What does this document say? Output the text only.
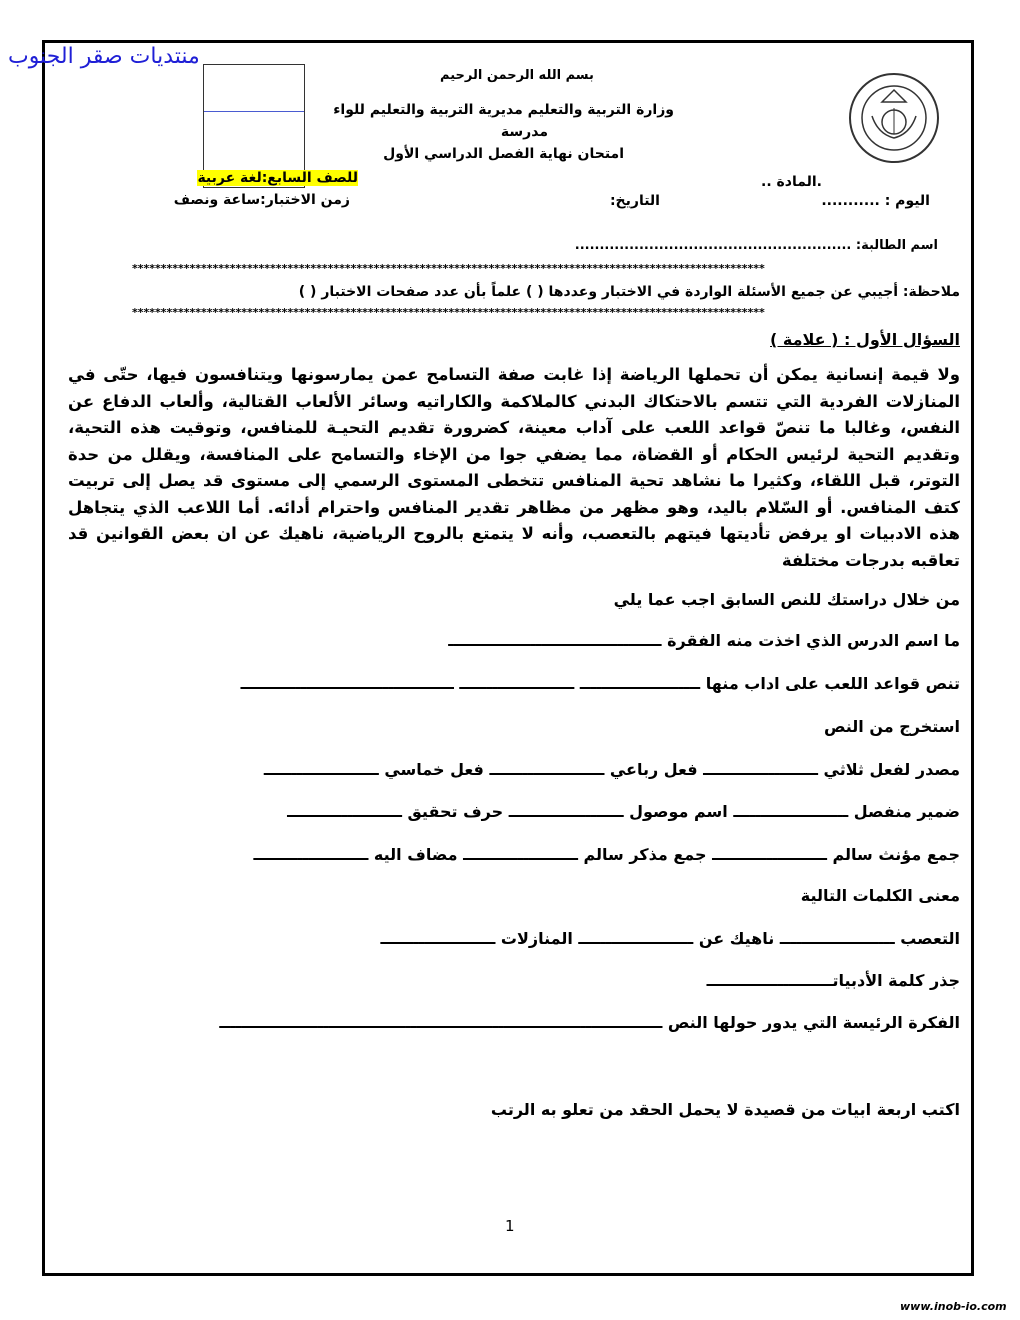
منتديات صقر الجنوب
بسم الله الرحمن الرحيم
وزارة التربية والتعليم مديرية التربية والتعليم للواء
مدرسة
امتحان نهاية الفصل الدراسي الأول
للصف السابع:لغة عربية	.المادة ..
زمن الاختبار:ساعة ونصف	التاريخ:	اليوم : ...........
اسم الطالبة: ........................................................
**************************************************************************************************************
ملاحظة: أجيبي عن جميع الأسئلة الواردة في الاختبار وعددها ( ) علماً بأن عدد صفحات الاختبار ( )
**************************************************************************************************************
السؤال الأول : ( علامة )
ولا قيمة إنسانية يمكن أن تحملها الرياضة إذا غابت صفة التسامح عمن يمارسونها ويتنافسون فيها، حتّى في المنازلات الفردية التي تتسم بالاحتكاك البدني كالملاكمة والكاراتيه وسائر الألعاب القتالية، وألعاب الدفاع عن النفس، وغالبا ما تنصّ قواعد اللعب على آداب معينة، كضرورة تقديم التحيـة للمنافس، وتوقيت هذه التحية، وتقديم التحية لرئيس الحكام أو القضاة، مما يضفي جوا من الإخاء والتسامح على المنافسة، ويقلل من حدة التوتر، قبل اللقاء، وكثيرا ما نشاهد تحية المنافس تتخطى المستوى الرسمي إلى مستوى قد يصل إلى تربيت كتف المنافس. أو السّلام باليد، وهو مظهر من مظاهر تقدير المنافس واحترام أدائه. أما اللاعب الذي يتجاهل هذه الادبيات او يرفض تأديتها فيتهم بالتعصب، وأنه لا يتمتع بالروح الرياضية، ناهيك عن ان بعض القوانين قد تعاقبه بدرجات مختلفة
من خلال دراستك للنص السابق اجب عما يلي
ما اسم الدرس الذي اخذت منه الفقرة ـــــــــــــــــــــــــــــــــــــــ
تنص قواعد اللعب على اداب منها ــــــــــــــــــــــ ـــــــــــــــــــــ ـــــــــــــــــــــــــــــــــــــــ
استخرج من النص
مصدر لفعل ثلاثي ـــــــــــــــــــــ فعل رباعي ـــــــــــــــــــــ فعل خماسي ـــــــــــــــــــــ
ضمير منفصل ـــــــــــــــــــــ اسم موصول ـــــــــــــــــــــ حرف تحقيق ـــــــــــــــــــــ
جمع مؤنث سالم ـــــــــــــــــــــ جمع مذكر سالم ـــــــــــــــــــــ مضاف اليه ـــــــــــــــــــــ
معنى الكلمات التالية
التعصب ـــــــــــــــــــــ ناهيك عن ـــــــــــــــــــــ المنازلات ـــــــــــــــــــــ
جذر كلمة الأدبياتـــــــــــــــــــــــ
الفكرة الرئيسة التي يدور حولها النص ـــــــــــــــــــــــــــــــــــــــــــــــــــــــــــــــــــــــــــــــــ
اكتب اربعة ابيات من قصيدة لا يحمل الحقد من تعلو به الرتب
1
www.inob-io.com
